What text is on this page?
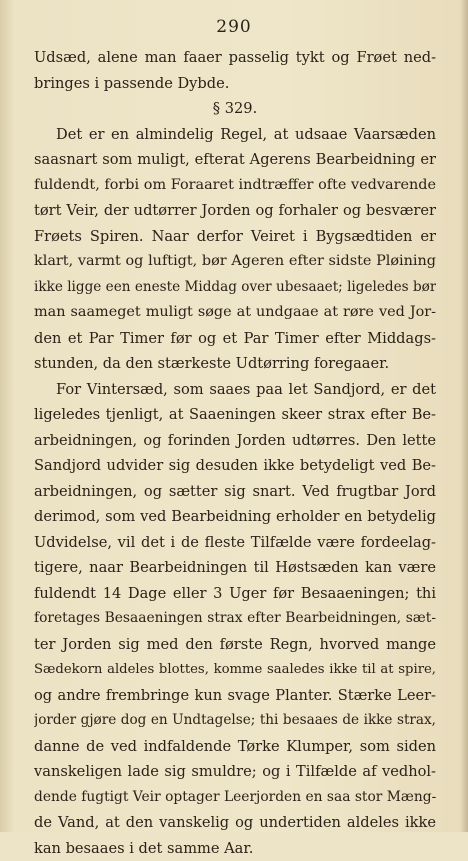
290
Udsæd, alene man faaer passelig tykt og Frøet ned-
bringes i passende Dybde.
§ 329.
Det er en almindelig Regel, at udsaae Vaarsæden
saasnart som muligt, efterat Agerens Bearbeidning er
fuldendt, forbi om Foraaret indtræffer ofte vedvarende
tørt Veir, der udtørrer Jorden og forhaler og besværer
Frøets Spiren. Naar derfor Veiret i Bygsædtiden er
klart, varmt og luftigt, bør Ageren efter sidste Pløining
ikke ligge een eneste Middag over ubesaaet; ligeledes bør
man saameget muligt søge at undgaae at røre ved Jor-
den et Par Timer før og et Par Timer efter Middags-
stunden, da den stærkeste Udtørring foregaaer.
For Vintersæd, som saaes paa let Sandjord, er det
ligeledes tjenligt, at Saaeningen skeer strax efter Be-
arbeidningen, og forinden Jorden udtørres. Den lette
Sandjord udvider sig desuden ikke betydeligt ved Be-
arbeidningen, og sætter sig snart. Ved frugtbar Jord
derimod, som ved Bearbeidning erholder en betydelig
Udvidelse, vil det i de fleste Tilfælde være fordeelag-
tigere, naar Bearbeidningen til Høstsæden kan være
fuldendt 14 Dage eller 3 Uger før Besaaeningen; thi
foretages Besaaeningen strax efter Bearbeidningen, sæt-
ter Jorden sig med den første Regn, hvorved mange
Sædekorn aldeles blottes, komme saaledes ikke til at spire,
og andre frembringe kun svage Planter. Stærke Leer-
jorder gjøre dog en Undtagelse; thi besaaes de ikke strax,
danne de ved indfaldende Tørke Klumper, som siden
vanskeligen lade sig smuldre; og i Tilfælde af vedhol-
dende fugtigt Veir optager Leerjorden en saa stor Mæng-
de Vand, at den vanskelig og undertiden aldeles ikke
kan besaaes i det samme Aar.
